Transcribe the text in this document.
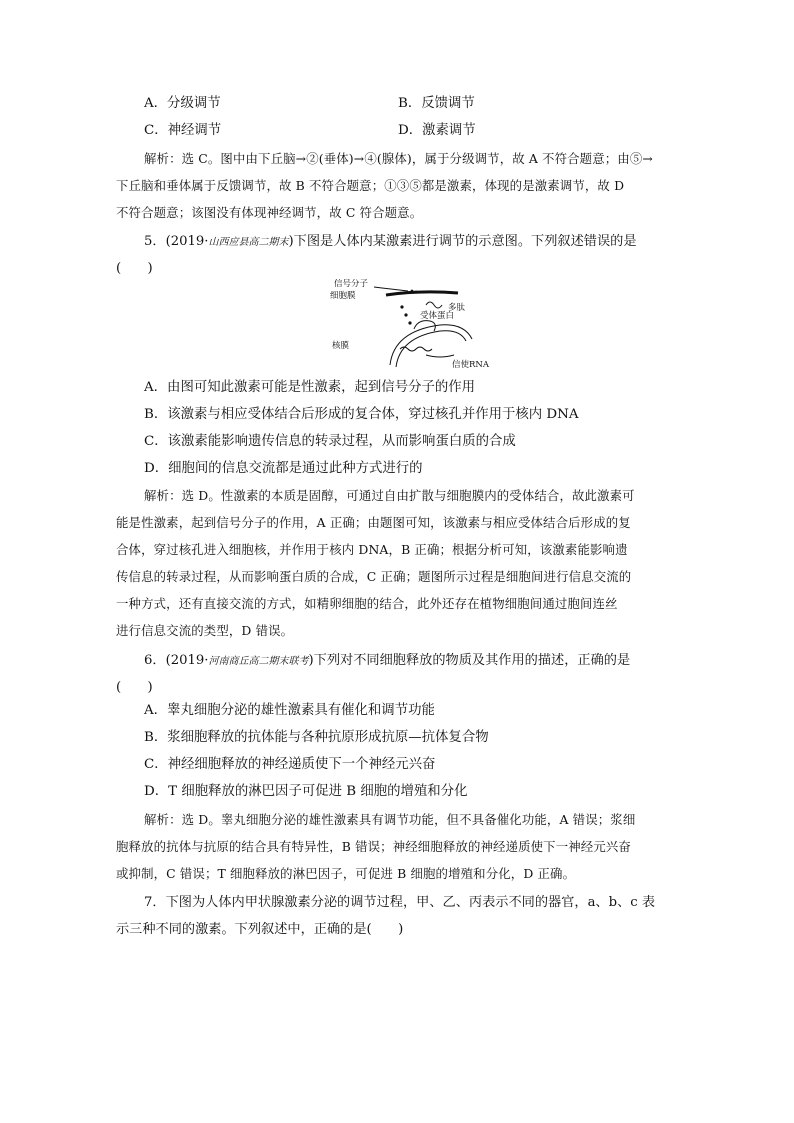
A．分级调节	B．反馈调节
C．神经调节	D．激素调节
解析：选 C。图中由下丘脑→②(垂体)→④(腺体)，属于分级调节，故 A 不符合题意；由⑤→
下丘脑和垂体属于反馈调节，故 B 不符合题意；①③⑤都是激素，体现的是激素调节，故 D
不符合题意；该图没有体现神经调节，故 C 符合题意。
5．(2019·山西应县高二期末)下图是人体内某激素进行调节的示意图。下列叙述错误的是
(　　)
信号分子
细胞膜
多肽
受体蛋白
核膜
信使RNA
A．由图可知此激素可能是性激素，起到信号分子的作用
B．该激素与相应受体结合后形成的复合体，穿过核孔并作用于核内 DNA
C．该激素能影响遗传信息的转录过程，从而影响蛋白质的合成
D．细胞间的信息交流都是通过此种方式进行的
解析：选 D。性激素的本质是固醇，可通过自由扩散与细胞膜内的受体结合，故此激素可
能是性激素，起到信号分子的作用，A 正确；由题图可知，该激素与相应受体结合后形成的复
合体，穿过核孔进入细胞核，并作用于核内 DNA，B 正确；根据分析可知，该激素能影响遗
传信息的转录过程，从而影响蛋白质的合成，C 正确；题图所示过程是细胞间进行信息交流的
一种方式，还有直接交流的方式，如精卵细胞的结合，此外还存在植物细胞间通过胞间连丝
进行信息交流的类型，D 错误。
6．(2019·河南商丘高二期末联考)下列对不同细胞释放的物质及其作用的描述，正确的是
(　　)
A．睾丸细胞分泌的雄性激素具有催化和调节功能
B．浆细胞释放的抗体能与各种抗原形成抗原—抗体复合物
C．神经细胞释放的神经递质使下一个神经元兴奋
D．T 细胞释放的淋巴因子可促进 B 细胞的增殖和分化
解析：选 D。睾丸细胞分泌的雄性激素具有调节功能，但不具备催化功能，A 错误；浆细
胞释放的抗体与抗原的结合具有特异性，B 错误；神经细胞释放的神经递质使下一神经元兴奋
或抑制，C 错误；T 细胞释放的淋巴因子，可促进 B 细胞的增殖和分化，D 正确。
7．下图为人体内甲状腺激素分泌的调节过程，甲、乙、丙表示不同的器官，a、b、c 表
示三种不同的激素。下列叙述中，正确的是(　　)
